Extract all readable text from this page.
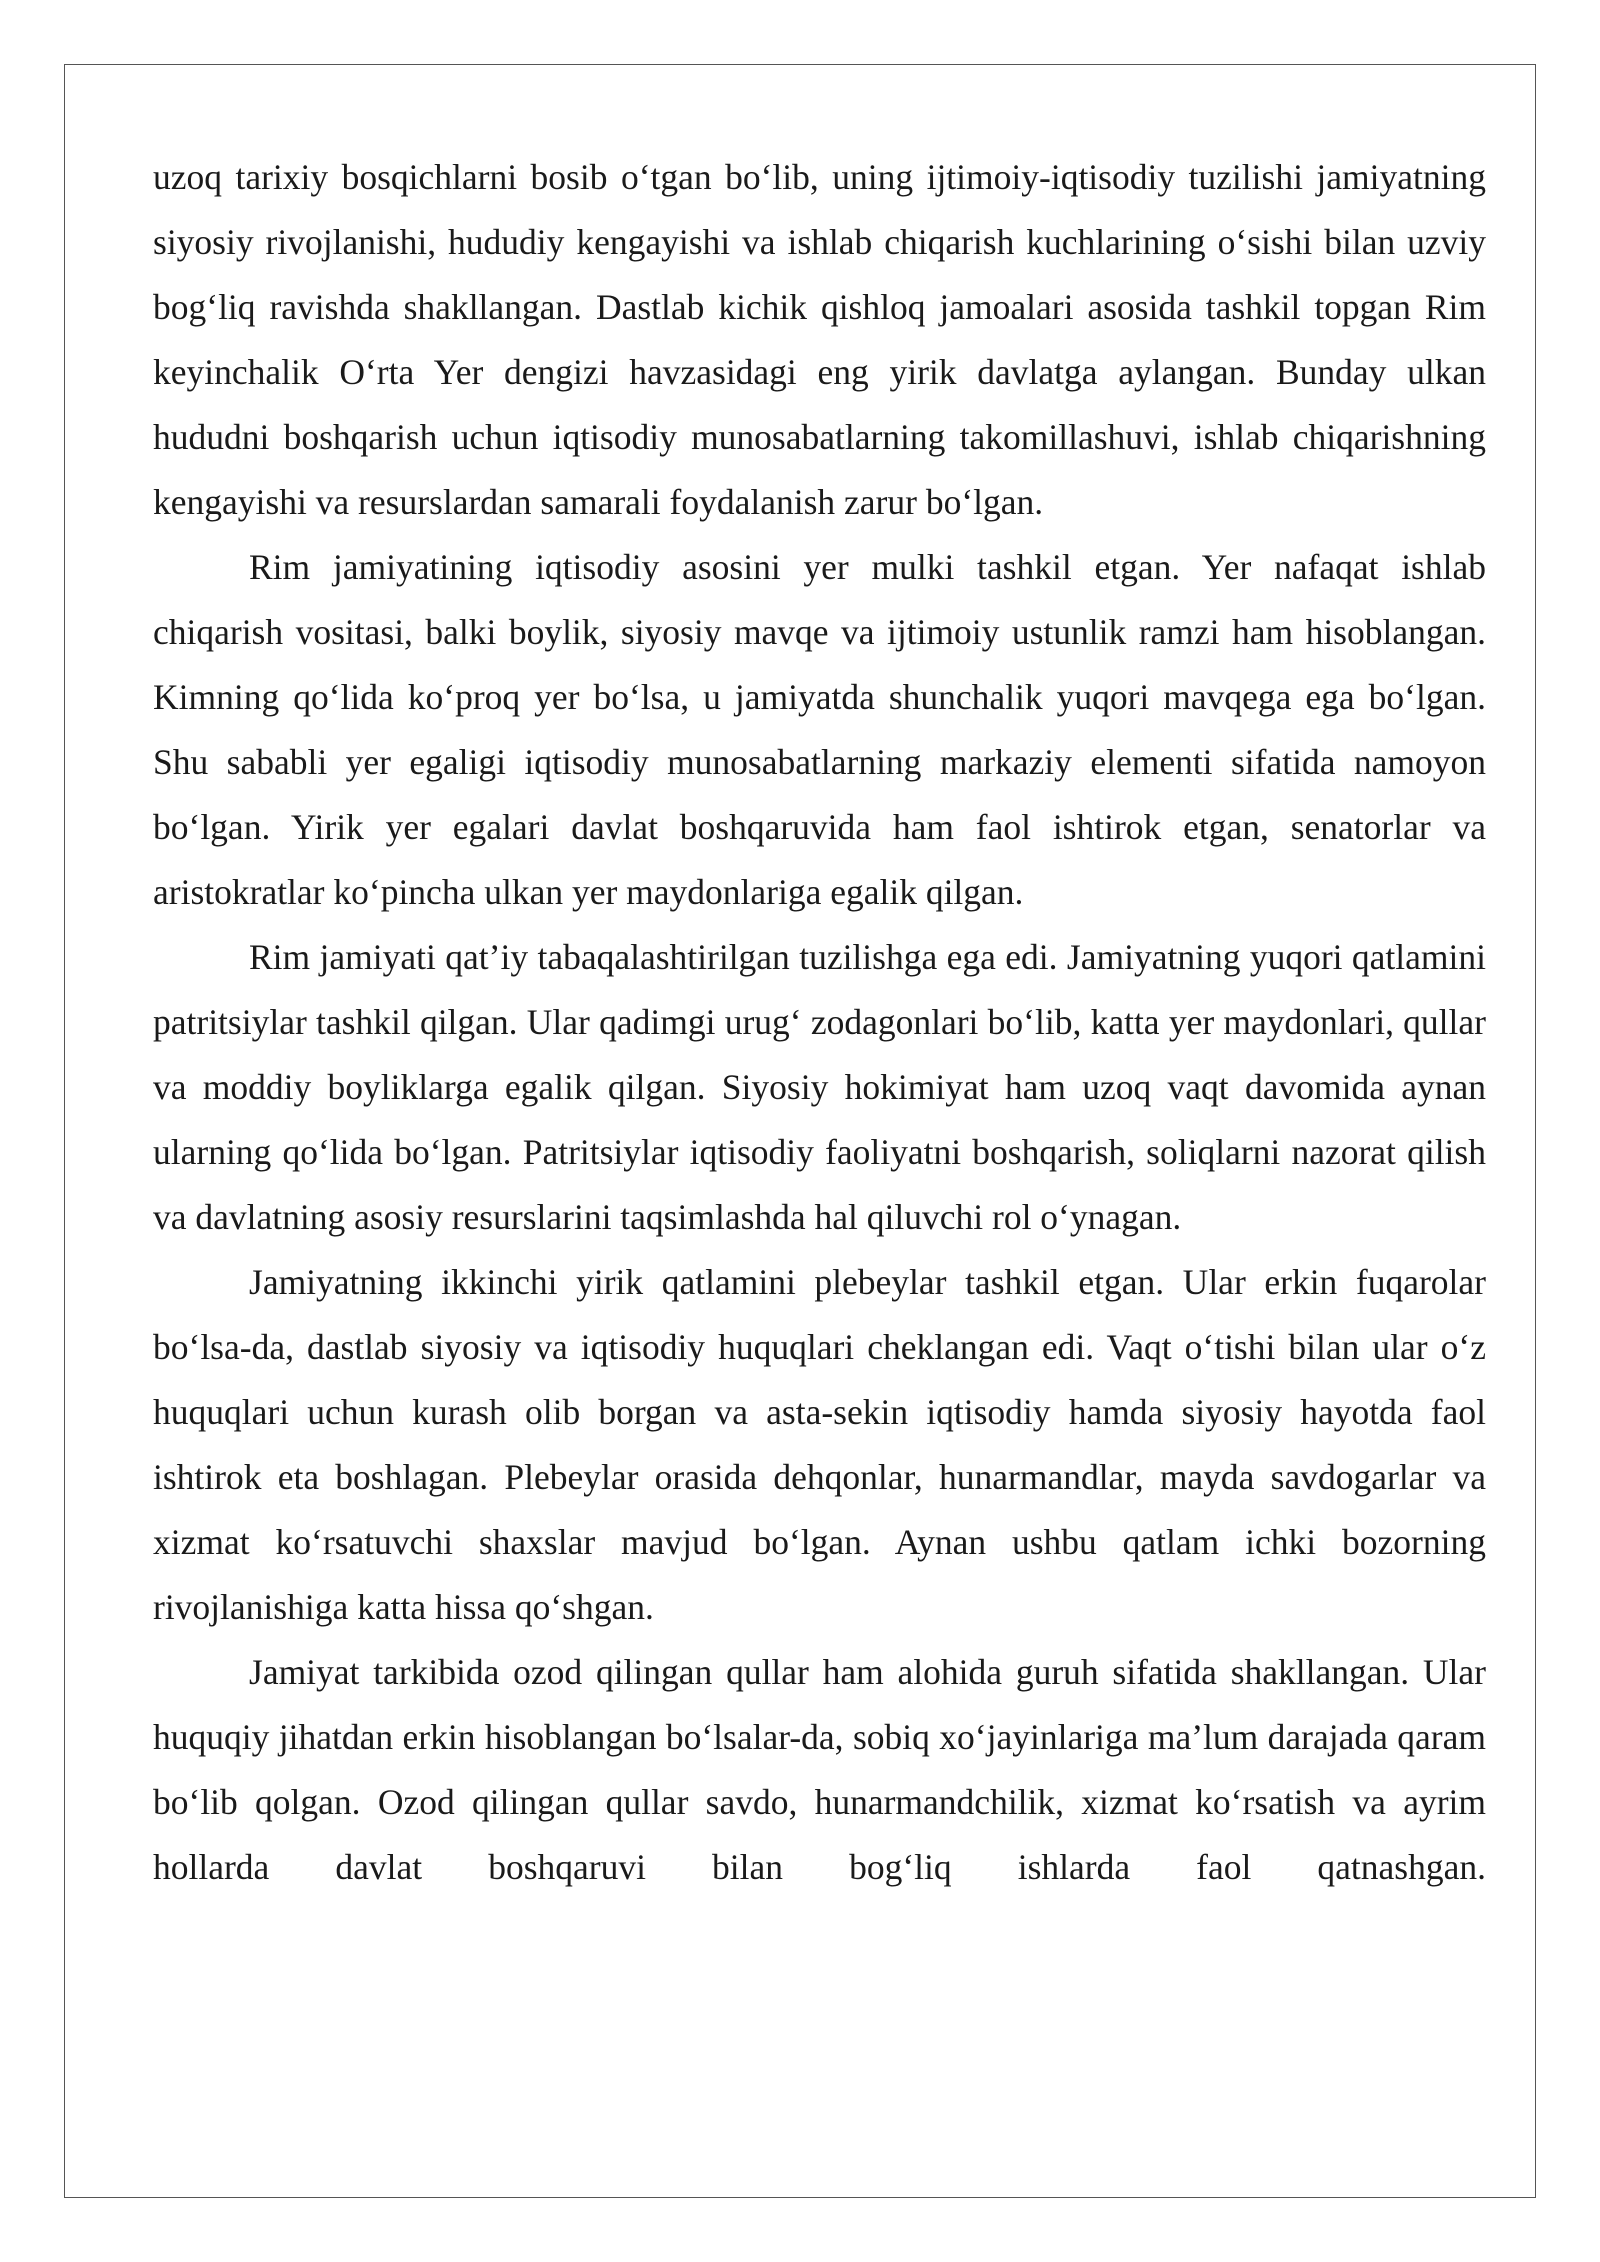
uzoq tarixiy bosqichlarni bosib o‘tgan bo‘lib, uning ijtimoiy-iqtisodiy tuzilishi jamiyatning siyosiy rivojlanishi, hududiy kengayishi va ishlab chiqarish kuchlarining o‘sishi bilan uzviy bog‘liq ravishda shakllangan. Dastlab kichik qishloq jamoalari asosida tashkil topgan Rim keyinchalik O‘rta Yer dengizi havzasidagi eng yirik davlatga aylangan. Bunday ulkan hududni boshqarish uchun iqtisodiy munosabatlarning takomillashuvi, ishlab chiqarishning kengayishi va resurslardan samarali foydalanish zarur bo‘lgan.

Rim jamiyatining iqtisodiy asosini yer mulki tashkil etgan. Yer nafaqat ishlab chiqarish vositasi, balki boylik, siyosiy mavqe va ijtimoiy ustunlik ramzi ham hisoblangan. Kimning qo‘lida ko‘proq yer bo‘lsa, u jamiyatda shunchalik yuqori mavqega ega bo‘lgan. Shu sababli yer egaligi iqtisodiy munosabatlarning markaziy elementi sifatida namoyon bo‘lgan. Yirik yer egalari davlat boshqaruvida ham faol ishtirok etgan, senatorlar va aristokratlar ko‘pincha ulkan yer maydonlariga egalik qilgan.

Rim jamiyati qat’iy tabaqalashtirilgan tuzilishga ega edi. Jamiyatning yuqori qatlamini patritsiylar tashkil qilgan. Ular qadimgi urug‘ zodagonlari bo‘lib, katta yer maydonlari, qullar va moddiy boyliklarga egalik qilgan. Siyosiy hokimiyat ham uzoq vaqt davomida aynan ularning qo‘lida bo‘lgan. Patritsiylar iqtisodiy faoliyatni boshqarish, soliqlarni nazorat qilish va davlatning asosiy resurslarini taqsimlashda hal qiluvchi rol o‘ynagan.

Jamiyatning ikkinchi yirik qatlamini plebeylar tashkil etgan. Ular erkin fuqarolar bo‘lsa-da, dastlab siyosiy va iqtisodiy huquqlari cheklangan edi. Vaqt o‘tishi bilan ular o‘z huquqlari uchun kurash olib borgan va asta-sekin iqtisodiy hamda siyosiy hayotda faol ishtirok eta boshlagan. Plebeylar orasida dehqonlar, hunarmandlar, mayda savdogarlar va xizmat ko‘rsatuvchi shaxslar mavjud bo‘lgan. Aynan ushbu qatlam ichki bozorning rivojlanishiga katta hissa qo‘shgan.

Jamiyat tarkibida ozod qilingan qullar ham alohida guruh sifatida shakllangan. Ular huquqiy jihatdan erkin hisoblangan bo‘lsalar-da, sobiq xo‘jayinlariga ma’lum darajada qaram bo‘lib qolgan. Ozod qilingan qullar savdo, hunarmandchilik, xizmat ko‘rsatish va ayrim hollarda davlat boshqaruvi bilan bog‘liq ishlarda faol qatnashgan.
